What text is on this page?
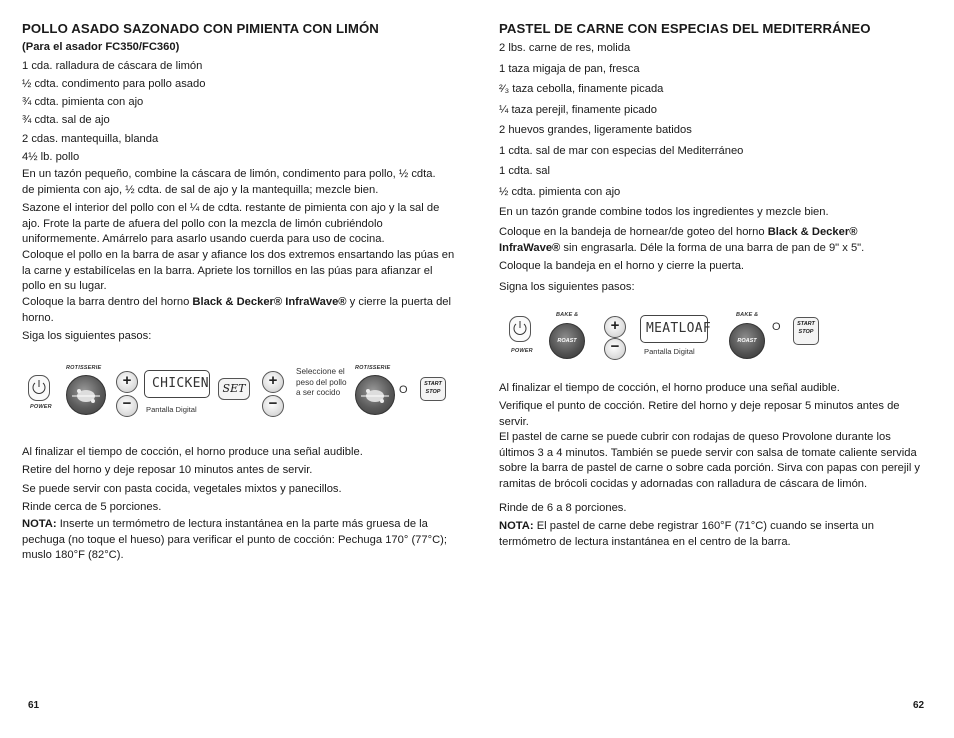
POLLO ASADO SAZONADO CON PIMIENTA CON LIMÓN
(Para el asador FC350/FC360)
1 cda. ralladura de cáscara de limón
½ cdta. condimento para pollo asado
¾ cdta. pimienta con ajo
¾ cdta. sal de ajo
2 cdas. mantequilla, blanda
4½ lb. pollo
En un tazón pequeño, combine la cáscara de limón, condimento para pollo, ½ cdta. de pimienta con ajo, ½ cdta. de sal de ajo y la mantequilla; mezcle bien.
Sazone el interior del pollo con el ¼ de cdta. restante de pimienta con ajo y la sal de ajo. Frote la parte de afuera del pollo con la mezcla de limón cubriéndolo uniformemente. Amárrelo para asarlo usando cuerda para uso de cocina.
Coloque el pollo en la barra de asar y afiance los dos extremos ensartando las púas en la carne y estabilícelas en la barra. Apriete los tornillos en las púas para afianzar el pollo en su lugar.
Coloque la barra dentro del horno Black & Decker® InfraWave® y cierre la puerta del horno.
Siga los siguientes pasos:
POWER
ROTISSERIE
+
−
CHICKEN
Pantalla Digital
SET	+
−
Seleccione el peso del pollo a ser cocido
ROTISSERIE
O	START
STOP
Al finalizar el tiempo de cocción, el horno produce una señal audible.
Retire del horno y deje reposar 10 minutos antes de servir.
Se puede servir con pasta cocida, vegetales mixtos y panecillos.
Rinde cerca de 5 porciones.
NOTA: Inserte un termómetro de lectura instantánea en la parte más gruesa de la pechuga (no toque el hueso) para verificar el punto de cocción: Pechuga 170° (77°C); muslo 180°F (82°C).
61
PASTEL DE CARNE CON ESPECIAS DEL MEDITERRÁNEO
2 lbs. carne de res, molida
1 taza migaja de pan, fresca
²⁄₃ taza cebolla, finamente picada
¼ taza perejil, finamente picado
2 huevos grandes, ligeramente batidos
1 cdta. sal de mar con especias del Mediterráneo
1 cdta. sal
½ cdta. pimienta con ajo
En un tazón grande combine todos los ingredientes y mezcle bien.
Coloque en la bandeja de hornear/de goteo del horno Black & Decker® InfraWave® sin engrasarla. Déle la forma de una barra de pan de 9" x 5".
Coloque la bandeja en el horno y cierre la puerta.
Signa los siguientes pasos:
POWER
BAKE &
ROAST
+
−
MEATLOAF
Pantalla Digital
BAKE &
ROAST
O	START
STOP
Al finalizar el tiempo de cocción, el horno produce una señal audible.
Verifique el punto de cocción. Retire del horno y deje reposar 5 minutos antes de servir.
El pastel de carne se puede cubrir con rodajas de queso Provolone durante los últimos 3 a 4 minutos. También se puede servir con salsa de tomate caliente servida sobre la barra de pastel de carne o sobre cada porción. Sirva con papas con perejil y ramitas de brócoli cocidas y adornadas con ralladura de cáscara de limón.
Rinde de 6 a 8 porciones.
NOTA: El pastel de carne debe registrar 160°F (71°C) cuando se inserta un termómetro de lectura instantánea en el centro de la barra.
62
